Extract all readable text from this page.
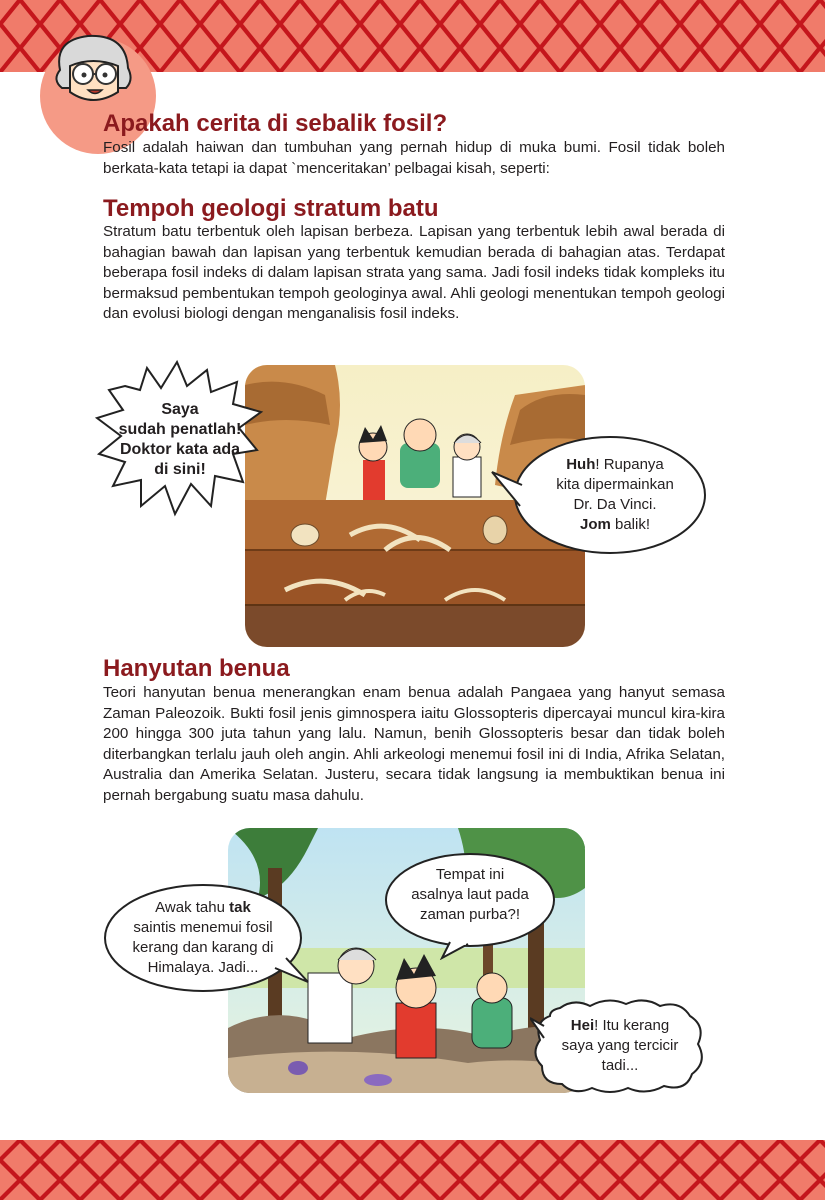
Apakah cerita di sebalik fosil?

Fosil adalah haiwan dan tumbuhan yang pernah hidup di muka bumi. Fosil tidak boleh berkata-kata tetapi ia dapat `menceritakan’ pelbagai kisah, seperti:

Tempoh geologi stratum batu

Stratum batu terbentuk oleh lapisan berbeza. Lapisan yang terbentuk lebih awal berada di bahagian bawah dan lapisan yang terbentuk kemudian berada di bahagian atas. Terdapat beberapa fosil indeks di dalam lapisan strata yang sama. Jadi fosil indeks tidak kompleks itu bermaksud pembentukan tempoh geologinya awal. Ahli geologi menentukan tempoh geologi dan evolusi biologi dengan menganalisis fosil indeks.

Saya
sudah penatlah!
Doktor kata ada
di sini!	Huh! Rupanya
kita dipermainkan
Dr. Da Vinci.
Jom balik!
Hanyutan benua

Teori hanyutan benua menerangkan enam benua adalah Pangaea yang hanyut semasa Zaman Paleozoik. Bukti fosil jenis gimnospera iaitu Glossopteris dipercayai muncul kira-kira 200 hingga 300 juta tahun yang lalu. Namun, benih Glossopteris besar dan tidak boleh diterbangkan terlalu jauh oleh angin. Ahli arkeologi menemui fosil ini di India, Afrika Selatan, Australia dan Amerika Selatan. Justeru, secara tidak langsung ia membuktikan benua ini pernah bergabung suatu masa dahulu.

Awak tahu tak
saintis menemui fosil
kerang dan karang di
Himalaya. Jadi...
Tempat ini
asalnya laut pada
zaman purba?!
Hei! Itu kerang
saya yang tercicir
tadi...
